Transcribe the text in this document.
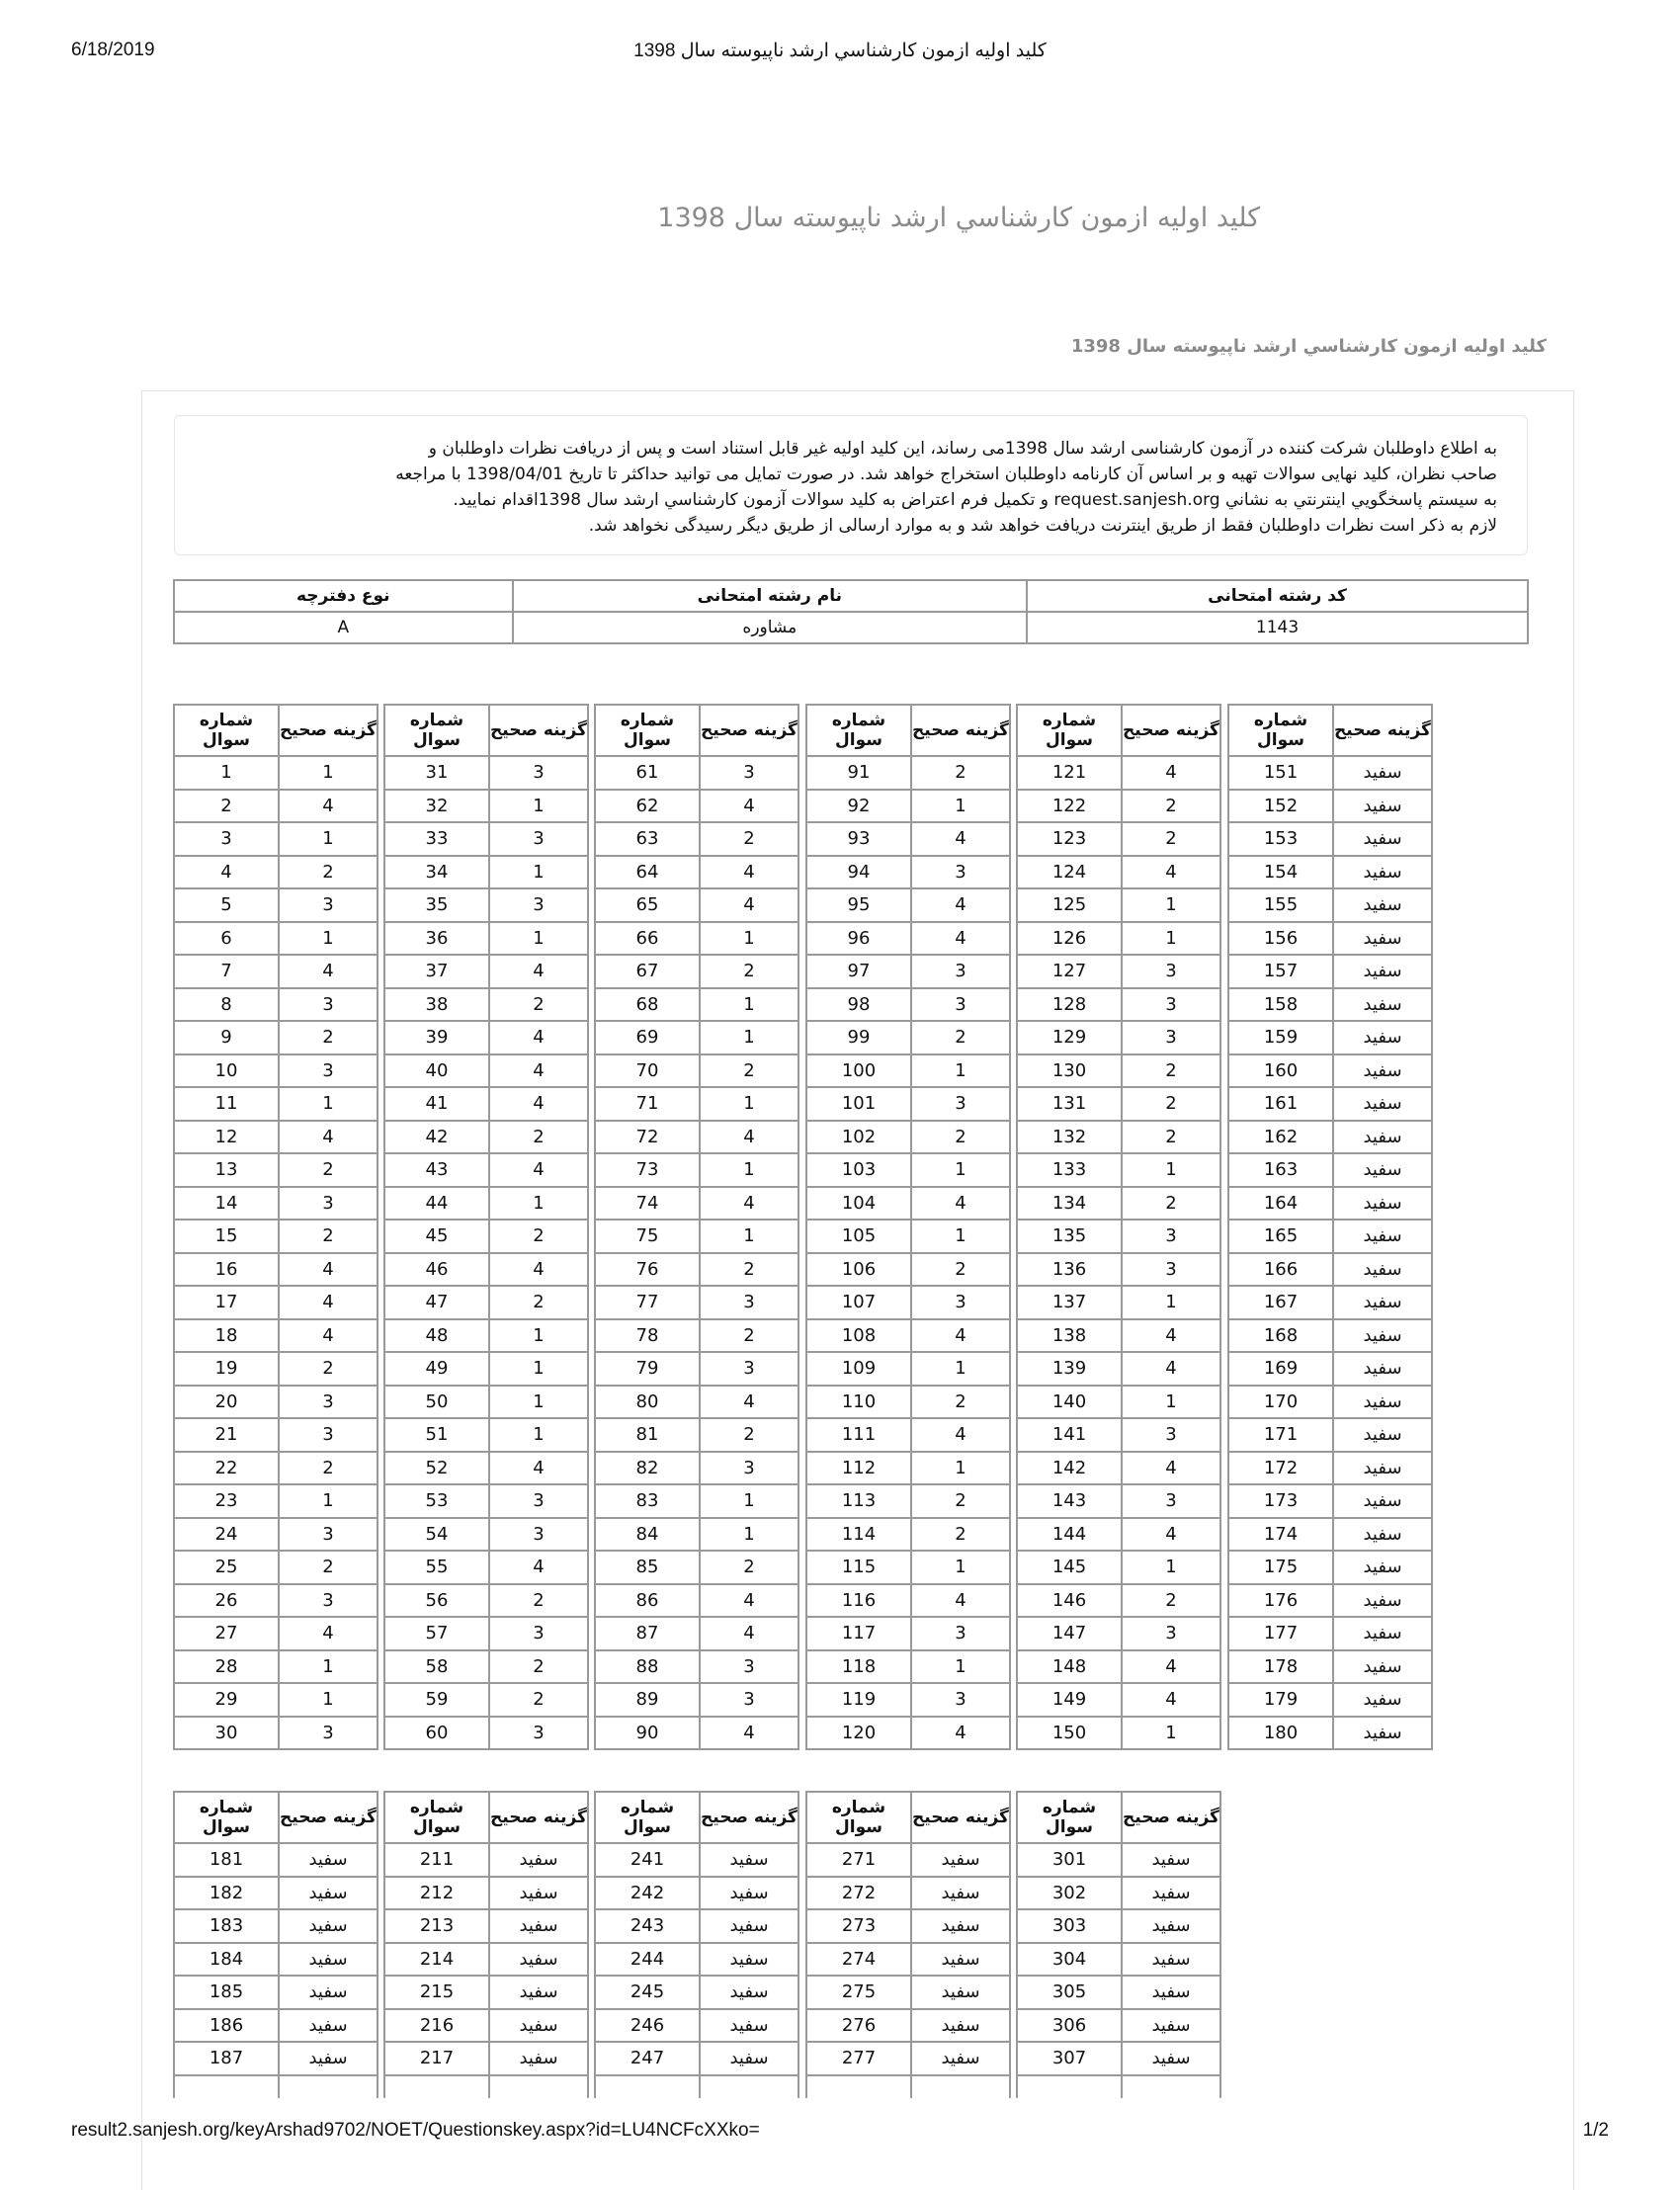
6/18/2019	كليد اوليه ازمون كارشناسي ارشد ناپيوسته سال 1398
كليد اوليه ازمون كارشناسي ارشد ناپيوسته سال 1398
كليد اوليه ازمون كارشناسي ارشد ناپيوسته سال 1398

به اطلاع داوطلبان شرکت کننده در آزمون کارشناسی ارشد سال 1398می رساند، این کلید اولیه غیر قابل استناد است و پس از دریافت نظرات داوطلبان و

صاحب نظران، کلید نهایی سوالات تهیه و بر اساس آن کارنامه داوطلبان استخراج خواهد شد. در صورت تمایل می توانید حداکثر تا تاریخ 1398/04/01 با مراجعه

به سيستم پاسخگويي اينترنتي به نشاني request.sanjesh.org و تكميل فرم اعتراض به كليد سوالات آزمون كارشناسي ارشد سال 1398اقدام نماييد.

لازم به ذکر است نظرات داوطلبان فقط از طریق اینترنت دریافت خواهد شد و به موارد ارسالی از طریق دیگر رسیدگی نخواهد شد.

کد رشته امتحانی	نام رشته امتحانی	نوع دفترچه
1143	مشاوره	A
شماره سوال	گزینه صحیح
1	1
2	4
3	1
4	2
5	3
6	1
7	4
8	3
9	2
10	3
11	1
12	4
13	2
14	3
15	2
16	4
17	4
18	4
19	2
20	3
21	3
22	2
23	1
24	3
25	2
26	3
27	4
28	1
29	1
30	3
شماره سوال	گزینه صحیح
31	3
32	1
33	3
34	1
35	3
36	1
37	4
38	2
39	4
40	4
41	4
42	2
43	4
44	1
45	2
46	4
47	2
48	1
49	1
50	1
51	1
52	4
53	3
54	3
55	4
56	2
57	3
58	2
59	2
60	3
شماره سوال	گزینه صحیح
61	3
62	4
63	2
64	4
65	4
66	1
67	2
68	1
69	1
70	2
71	1
72	4
73	1
74	4
75	1
76	2
77	3
78	2
79	3
80	4
81	2
82	3
83	1
84	1
85	2
86	4
87	4
88	3
89	3
90	4
شماره سوال	گزینه صحیح
91	2
92	1
93	4
94	3
95	4
96	4
97	3
98	3
99	2
100	1
101	3
102	2
103	1
104	4
105	1
106	2
107	3
108	4
109	1
110	2
111	4
112	1
113	2
114	2
115	1
116	4
117	3
118	1
119	3
120	4
شماره سوال	گزینه صحیح
121	4
122	2
123	2
124	4
125	1
126	1
127	3
128	3
129	3
130	2
131	2
132	2
133	1
134	2
135	3
136	3
137	1
138	4
139	4
140	1
141	3
142	4
143	3
144	4
145	1
146	2
147	3
148	4
149	4
150	1
شماره سوال	گزینه صحیح
151	سفید
152	سفید
153	سفید
154	سفید
155	سفید
156	سفید
157	سفید
158	سفید
159	سفید
160	سفید
161	سفید
162	سفید
163	سفید
164	سفید
165	سفید
166	سفید
167	سفید
168	سفید
169	سفید
170	سفید
171	سفید
172	سفید
173	سفید
174	سفید
175	سفید
176	سفید
177	سفید
178	سفید
179	سفید
180	سفید
شماره سوال	گزینه صحیح
181	سفید
182	سفید
183	سفید
184	سفید
185	سفید
186	سفید
187	سفید

شماره سوال	گزینه صحیح
211	سفید
212	سفید
213	سفید
214	سفید
215	سفید
216	سفید
217	سفید

شماره سوال	گزینه صحیح
241	سفید
242	سفید
243	سفید
244	سفید
245	سفید
246	سفید
247	سفید

شماره سوال	گزینه صحیح
271	سفید
272	سفید
273	سفید
274	سفید
275	سفید
276	سفید
277	سفید

شماره سوال	گزینه صحیح
301	سفید
302	سفید
303	سفید
304	سفید
305	سفید
306	سفید
307	سفید

result2.sanjesh.org/keyArshad9702/NOET/Questionskey.aspx?id=LU4NCFcXXko=	1/2
